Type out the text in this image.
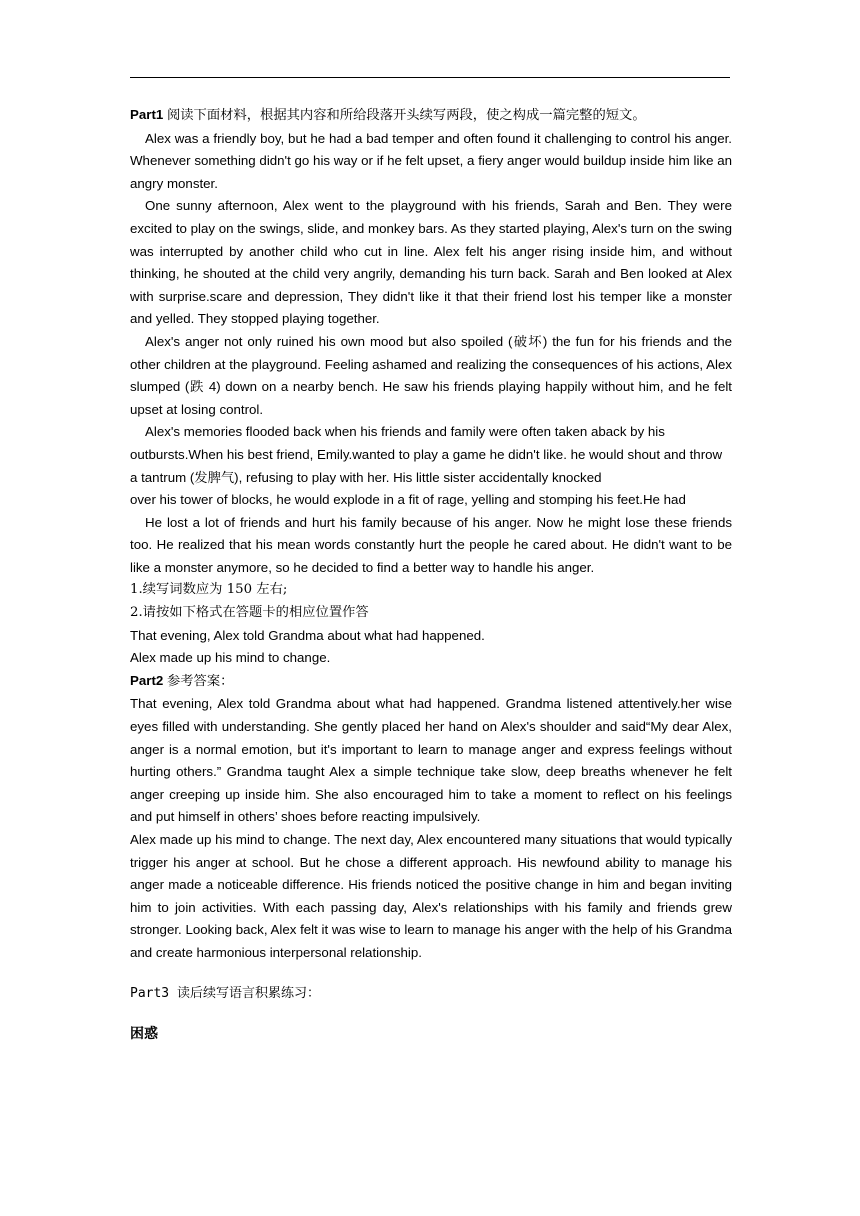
Part1 阅读下面材料，根据其内容和所给段落开头续写两段，使之构成一篇完整的短文。

Alex was a friendly boy, but he had a bad temper and often found it challenging to control his anger. Whenever something didn't go his way or if he felt upset, a fiery anger would buildup inside him like an angry monster.

One sunny afternoon, Alex went to the playground with his friends, Sarah and Ben. They were excited to play on the swings, slide, and monkey bars. As they started playing, Alex's turn on the swing was interrupted by another child who cut in line. Alex felt his anger rising inside him, and without thinking, he shouted at the child very angrily, demanding his turn back. Sarah and Ben looked at Alex with surprise.scare and depression, They didn't like it that their friend lost his temper like a monster and yelled. They stopped playing together.

Alex's anger not only ruined his own mood but also spoiled (破坏) the fun for his friends and the other children at the playground. Feeling ashamed and realizing the consequences of his actions, Alex slumped (跌 4) down on a nearby bench. He saw his friends playing happily without him, and he felt upset at losing control.

Alex's memories flooded back when his friends and family were often taken aback by his outbursts.When his best friend, Emily.wanted to play a game he didn't like. he would shout and throw a tantrum (发脾气), refusing to play with her. His little sister accidentally knocked

over his tower of blocks, he would explode in a fit of rage, yelling and stomping his feet.He had

He lost a lot of friends and hurt his family because of his anger. Now he might lose these friends too. He realized that his mean words constantly hurt the people he cared about. He didn't want to be like a monster anymore, so he decided to find a better way to handle his anger.

1.续写词数应为 150 左右;

2.请按如下格式在答题卡的相应位置作答

That evening, Alex told Grandma about what had happened.

Alex made up his mind to change.

Part2 参考答案：

That evening, Alex told Grandma about what had happened. Grandma listened attentively.her wise eyes filled with understanding. She gently placed her hand on Alex's shoulder and said“My dear Alex, anger is a normal emotion, but it's important to learn to manage anger and express feelings without hurting others.” Grandma taught Alex a simple technique take slow, deep breaths whenever he felt anger creeping up inside him. She also encouraged him to take a moment to reflect on his feelings and put himself in others’ shoes before reacting impulsively.

Alex made up his mind to change. The next day, Alex encountered many situations that would typically trigger his anger at school. But he chose a different approach. His newfound ability to manage his anger made a noticeable difference. His friends noticed the positive change in him and began inviting him to join activities. With each passing day, Alex's relationships with his family and friends grew stronger. Looking back, Alex felt it was wise to learn to manage his anger with the help of his Grandma and create harmonious interpersonal relationship.

Part3 读后续写语言积累练习：

困惑
